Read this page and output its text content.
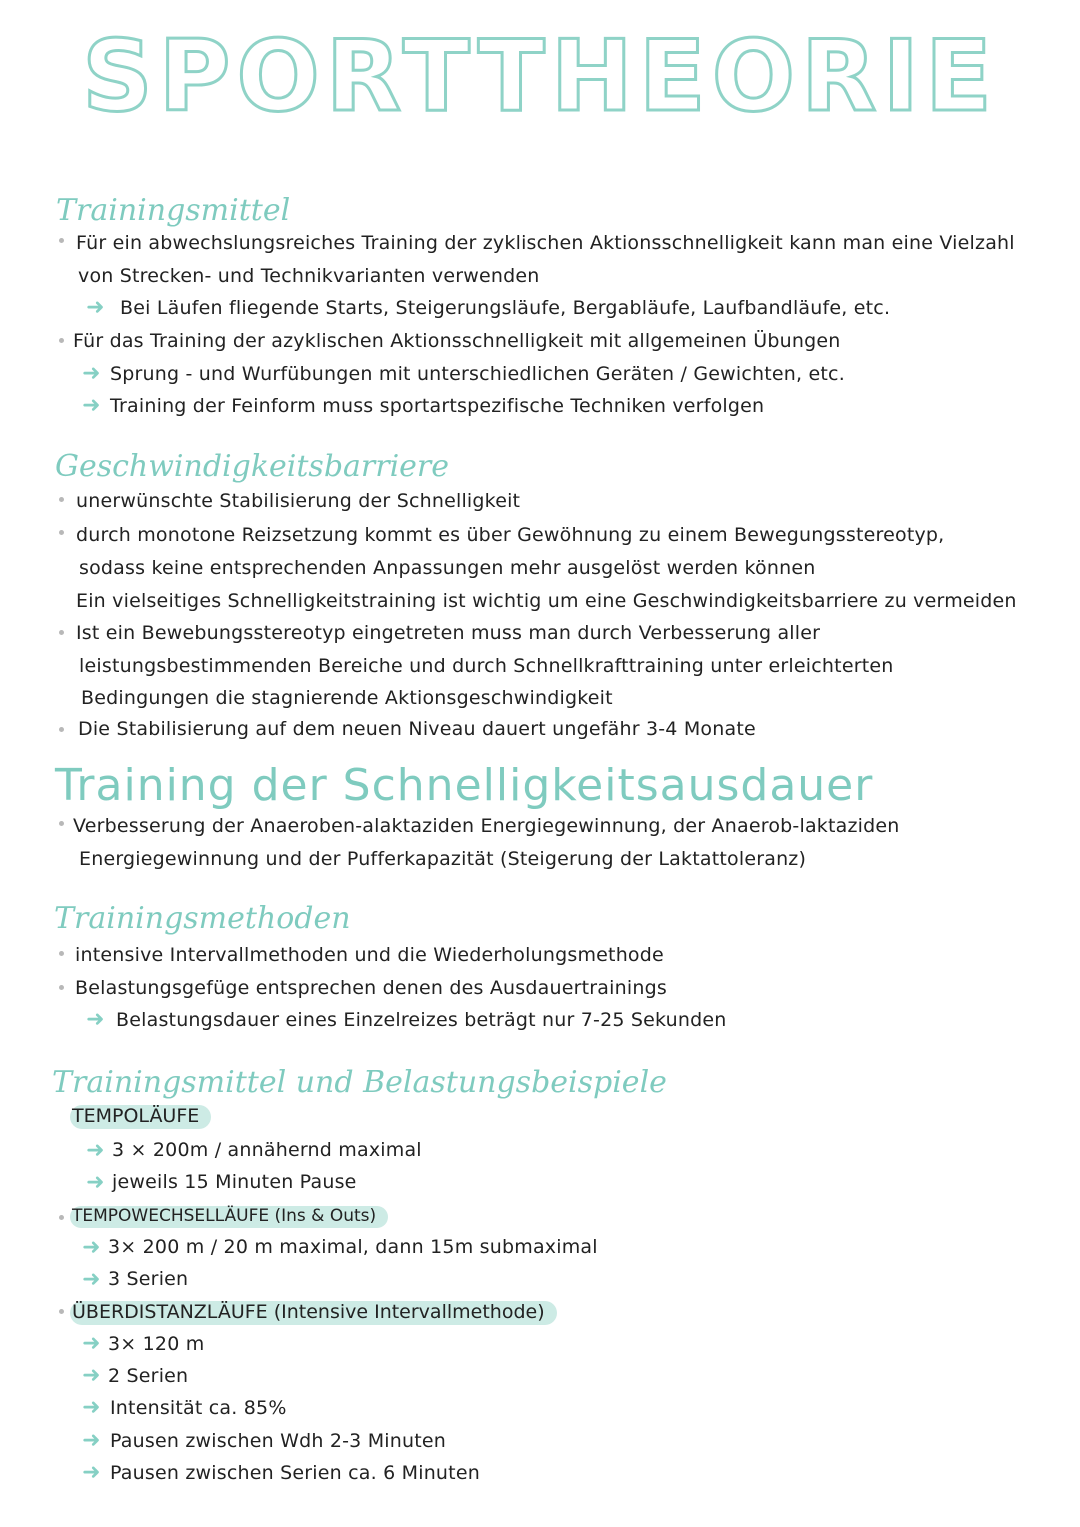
SPORTTHEORIE
Trainingsmittel
Für ein abwechslungsreiches Training der zyklischen Aktionsschnelligkeit kann man eine Vielzahl
von Strecken- und Technikvarianten verwenden
➜ Bei Läufen fliegende Starts, Steigerungsläufe, Bergabläufe, Laufbandläufe, etc.
Für das Training der azyklischen Aktionsschnelligkeit mit allgemeinen Übungen
➜ Sprung - und Wurfübungen mit unterschiedlichen Geräten / Gewichten, etc.
➜ Training der Feinform muss sportartspezifische Techniken verfolgen
Geschwindigkeitsbarriere
unerwünschte Stabilisierung der Schnelligkeit
durch monotone Reizsetzung kommt es über Gewöhnung zu einem Bewegungsstereotyp,
sodass keine entsprechenden Anpassungen mehr ausgelöst werden können
Ein vielseitiges Schnelligkeitstraining ist wichtig um eine Geschwindigkeitsbarriere zu vermeiden
Ist ein Bewebungsstereotyp eingetreten muss man durch Verbesserung aller
leistungsbestimmenden Bereiche und durch Schnellkrafttraining unter erleichterten
Bedingungen die stagnierende Aktionsgeschwindigkeit
Die Stabilisierung auf dem neuen Niveau dauert ungefähr 3-4 Monate
Training der Schnelligkeitsausdauer
Verbesserung der Anaeroben-alaktaziden Energiegewinnung, der Anaerob-laktaziden
Energiegewinnung und der Pufferkapazität (Steigerung der Laktattoleranz)
Trainingsmethoden
intensive Intervallmethoden und die Wiederholungsmethode
Belastungsgefüge entsprechen denen des Ausdauertrainings
➜ Belastungsdauer eines Einzelreizes beträgt nur 7-25 Sekunden
Trainingsmittel und Belastungsbeispiele
TEMPOLÄUFE
➜ 3 × 200m / annähernd maximal
➜ jeweils 15 Minuten Pause
TEMPOWECHSELLÄUFE (Ins & Outs)
➜ 3× 200 m / 20 m maximal, dann 15m submaximal
➜ 3 Serien
ÜBERDISTANZLÄUFE (Intensive Intervallmethode)
➜ 3× 120 m
➜ 2 Serien
➜ Intensität ca. 85%
➜ Pausen zwischen Wdh 2-3 Minuten
➜ Pausen zwischen Serien ca. 6 Minuten
